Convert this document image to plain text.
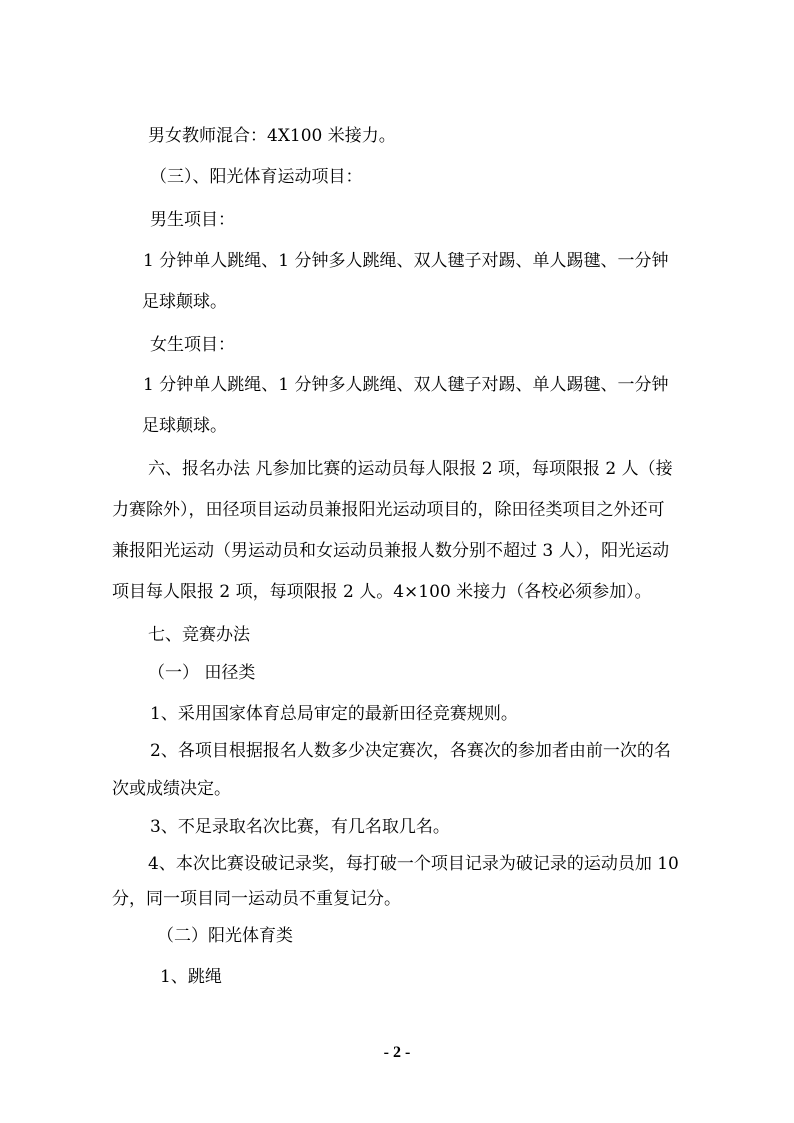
男女教师混合：4X100 米接力。

（三）、阳光体育运动项目：

男生项目：

1 分钟单人跳绳、1 分钟多人跳绳、双人毽子对踢、单人踢毽、一分钟

足球颠球。

女生项目：

1 分钟单人跳绳、1 分钟多人跳绳、双人毽子对踢、单人踢毽、一分钟

足球颠球。

六、报名办法 凡参加比赛的运动员每人限报 2 项，每项限报 2 人（接

力赛除外），田径项目运动员兼报阳光运动项目的，除田径类项目之外还可

兼报阳光运动（男运动员和女运动员兼报人数分别不超过 3 人），阳光运动

项目每人限报 2 项，每项限报 2 人。4×100 米接力（各校必须参加）。

七、竞赛办法

（一） 田径类

1、采用国家体育总局审定的最新田径竞赛规则。

2、各项目根据报名人数多少决定赛次，各赛次的参加者由前一次的名

次或成绩决定。

3、不足录取名次比赛，有几名取几名。

4、本次比赛设破记录奖，每打破一个项目记录为破记录的运动员加 10

分，同一项目同一运动员不重复记分。

（二）阳光体育类

1、跳绳

- 2 -
